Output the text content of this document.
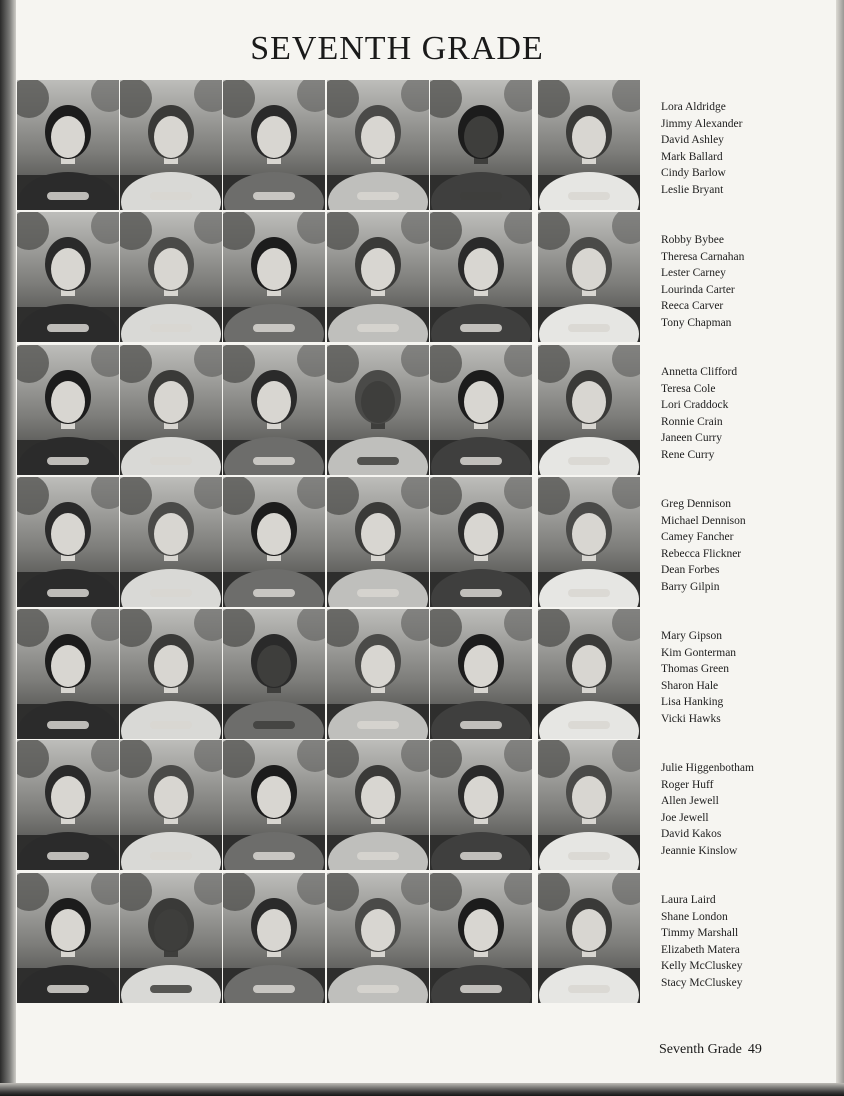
SEVENTH GRADE
Lora Aldridge
Jimmy Alexander
David Ashley
Mark Ballard
Cindy Barlow
Leslie Bryant
Robby Bybee
Theresa Carnahan
Lester Carney
Lourinda Carter
Reeca Carver
Tony Chapman
Annetta Clifford
Teresa Cole
Lori Craddock
Ronnie Crain
Janeen Curry
Rene Curry
Greg Dennison
Michael Dennison
Camey Fancher
Rebecca Flickner
Dean Forbes
Barry Gilpin
Mary Gipson
Kim Gonterman
Thomas Green
Sharon Hale
Lisa Hanking
Vicki Hawks
Julie Higgenbotham
Roger Huff
Allen Jewell
Joe Jewell
David Kakos
Jeannie Kinslow
Laura Laird
Shane London
Timmy Marshall
Elizabeth Matera
Kelly McCluskey
Stacy McCluskey
Seventh Grade 49
